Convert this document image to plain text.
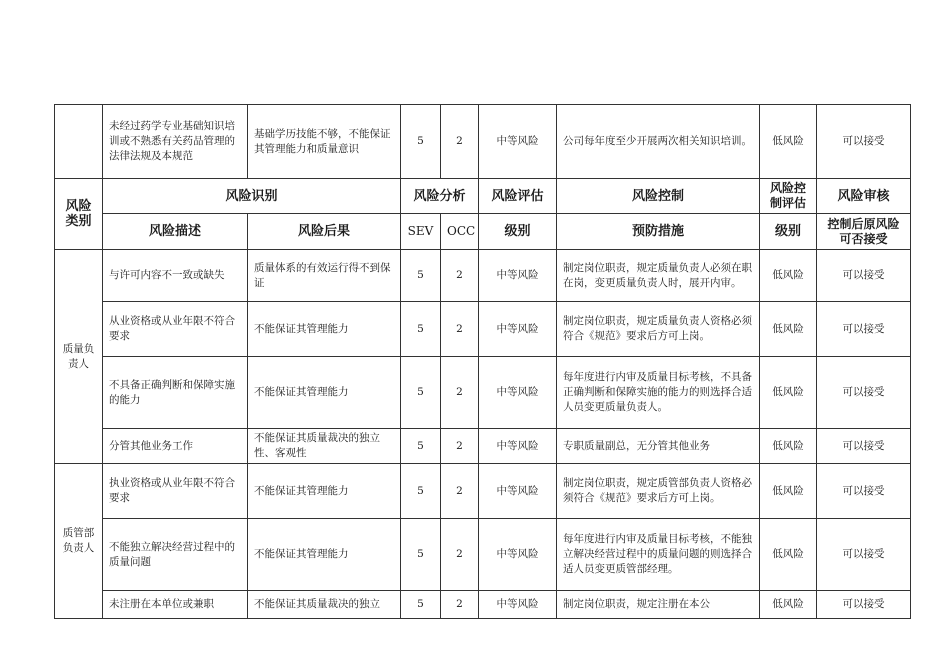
	未经过药学专业基础知识培训或不熟悉有关药品管理的法律法规及本规范	基础学历技能不够，不能保证其管理能力和质量意识	5	2	中等风险	公司每年度至少开展两次相关知识培训。	低风险	可以接受
风险类别	风险识别		风险分析		风险评估	风险控制	风险控制评估	风险审核
	风险描述	风险后果	SEV	OCC	级别	预防措施	级别	控制后原风险可否接受
质量负责人	与许可内容不一致或缺失	质量体系的有效运行得不到保证	5	2	中等风险	制定岗位职责，规定质量负责人必须在职在岗，变更质量负责人时，展开内审。	低风险	可以接受
	从业资格或从业年限不符合要求	不能保证其管理能力	5	2	中等风险	制定岗位职责，规定质量负责人资格必须符合《规范》要求后方可上岗。	低风险	可以接受
	不具备正确判断和保障实施的能力	不能保证其管理能力	5	2	中等风险	每年度进行内审及质量目标考核，不具备正确判断和保障实施的能力的则选择合适人员变更质量负责人。	低风险	可以接受
	分管其他业务工作	不能保证其质量裁决的独立性、客观性	5	2	中等风险	专职质量副总，无分管其他业务	低风险	可以接受
质管部负责人	执业资格或从业年限不符合要求	不能保证其管理能力	5	2	中等风险	制定岗位职责，规定质管部负责人资格必须符合《规范》要求后方可上岗。	低风险	可以接受
	不能独立解决经营过程中的质量问题	不能保证其管理能力	5	2	中等风险	每年度进行内审及质量目标考核，不能独立解决经营过程中的质量问题的则选择合适人员变更质管部经理。	低风险	可以接受
	未注册在本单位或兼职	不能保证其质量裁决的独立	5	2	中等风险	制定岗位职责，规定注册在本公	低风险	可以接受
